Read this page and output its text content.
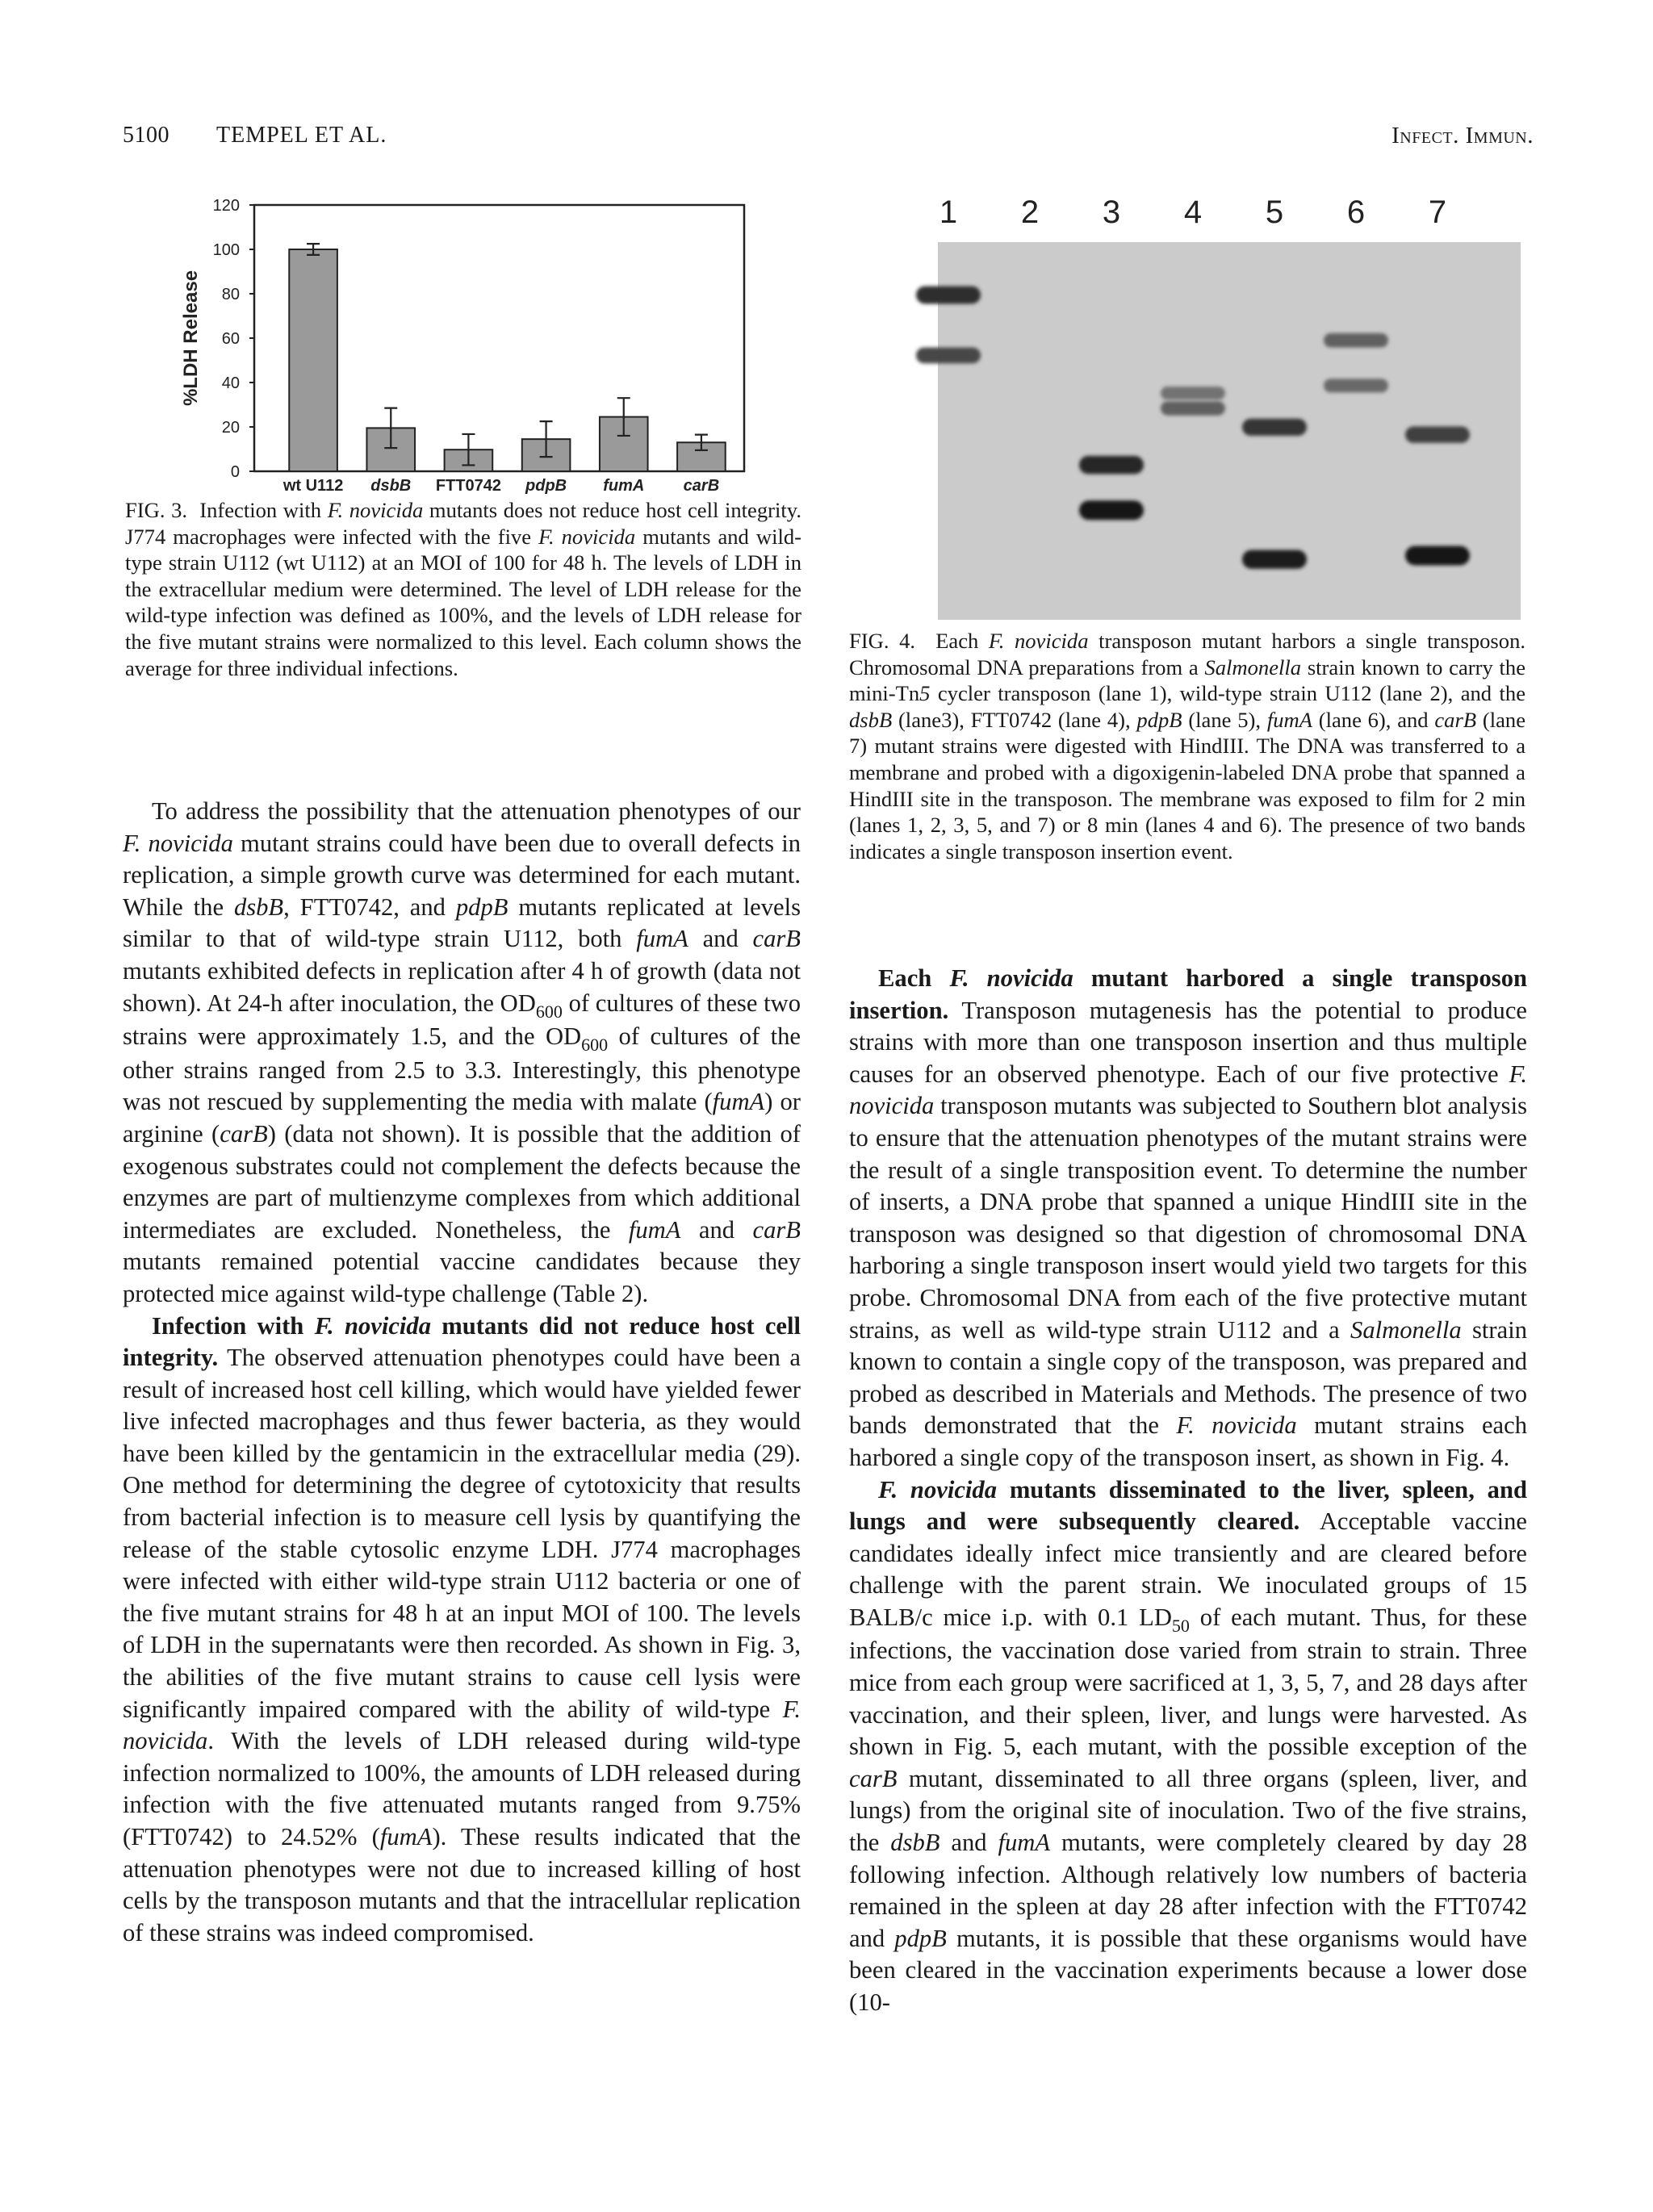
5100 TEMPEL ET AL.	Infect. Immun.
0
20
40
60
80
100
120
%LDH Release
wt U112 dsbB FTT0742 pdpB fumA carB

FIG. 3. Infection with F. novicida mutants does not reduce host cell integrity. J774 macrophages were infected with the five F. novicida mutants and wild-type strain U112 (wt U112) at an MOI of 100 for 48 h. The levels of LDH in the extracellular medium were determined. The level of LDH release for the wild-type infection was defined as 100%, and the levels of LDH release for the five mutant strains were normalized to this level. Each column shows the average for three individual infections.

1 2 3 4 5 6 7

FIG. 4. Each F. novicida transposon mutant harbors a single transposon. Chromosomal DNA preparations from a Salmonella strain known to carry the mini-Tn5 cycler transposon (lane 1), wild-type strain U112 (lane 2), and the dsbB (lane3), FTT0742 (lane 4), pdpB (lane 5), fumA (lane 6), and carB (lane 7) mutant strains were digested with HindIII. The DNA was transferred to a membrane and probed with a digoxigenin-labeled DNA probe that spanned a HindIII site in the transposon. The membrane was exposed to film for 2 min (lanes 1, 2, 3, 5, and 7) or 8 min (lanes 4 and 6). The presence of two bands indicates a single transposon insertion event.

To address the possibility that the attenuation phenotypes of our F. novicida mutant strains could have been due to overall defects in replication, a simple growth curve was determined for each mutant. While the dsbB, FTT0742, and pdpB mutants replicated at levels similar to that of wild-type strain U112, both fumA and carB mutants exhibited defects in replication after 4 h of growth (data not shown). At 24-h after inoculation, the $OD_{600}$ of cultures of these two strains were approximately 1.5, and the $OD_{600}$ of cultures of the other strains ranged from 2.5 to 3.3. Interestingly, this phenotype was not rescued by supplementing the media with malate (fumA) or arginine (carB) (data not shown). It is possible that the addition of exogenous substrates could not complement the defects because the enzymes are part of multienzyme complexes from which additional intermediates are excluded. Nonetheless, the fumA and carB mutants remained potential vaccine candidates because they protected mice against wild-type challenge (Table 2).

Infection with F. novicida mutants did not reduce host cell integrity. The observed attenuation phenotypes could have been a result of increased host cell killing, which would have yielded fewer live infected macrophages and thus fewer bacteria, as they would have been killed by the gentamicin in the extracellular media (29). One method for determining the degree of cytotoxicity that results from bacterial infection is to measure cell lysis by quantifying the release of the stable cytosolic enzyme LDH. J774 macrophages were infected with either wild-type strain U112 bacteria or one of the five mutant strains for 48 h at an input MOI of 100. The levels of LDH in the supernatants were then recorded. As shown in Fig. 3, the abilities of the five mutant strains to cause cell lysis were significantly impaired compared with the ability of wild-type F. novicida. With the levels of LDH released during wild-type infection normalized to 100%, the amounts of LDH released during infection with the five attenuated mutants ranged from 9.75% (FTT0742) to 24.52% (fumA). These results indicated that the attenuation phenotypes were not due to increased killing of host cells by the transposon mutants and that the intracellular replication of these strains was indeed compromised.

Each F. novicida mutant harbored a single transposon insertion. Transposon mutagenesis has the potential to produce strains with more than one transposon insertion and thus multiple causes for an observed phenotype. Each of our five protective F. novicida transposon mutants was subjected to Southern blot analysis to ensure that the attenuation phenotypes of the mutant strains were the result of a single transposition event. To determine the number of inserts, a DNA probe that spanned a unique HindIII site in the transposon was designed so that digestion of chromosomal DNA harboring a single transposon insert would yield two targets for this probe. Chromosomal DNA from each of the five protective mutant strains, as well as wild-type strain U112 and a Salmonella strain known to contain a single copy of the transposon, was prepared and probed as described in Materials and Methods. The presence of two bands demonstrated that the F. novicida mutant strains each harbored a single copy of the transposon insert, as shown in Fig. 4.

F. novicida mutants disseminated to the liver, spleen, and lungs and were subsequently cleared. Acceptable vaccine candidates ideally infect mice transiently and are cleared before challenge with the parent strain. We inoculated groups of 15 BALB/c mice i.p. with 0.1 $LD_{50}$ of each mutant. Thus, for these infections, the vaccination dose varied from strain to strain. Three mice from each group were sacrificed at 1, 3, 5, 7, and 28 days after vaccination, and their spleen, liver, and lungs were harvested. As shown in Fig. 5, each mutant, with the possible exception of the carB mutant, disseminated to all three organs (spleen, liver, and lungs) from the original site of inoculation. Two of the five strains, the dsbB and fumA mutants, were completely cleared by day 28 following infection. Although relatively low numbers of bacteria remained in the spleen at day 28 after infection with the FTT0742 and pdpB mutants, it is possible that these organisms would have been cleared in the vaccination experiments because a lower dose (10-
